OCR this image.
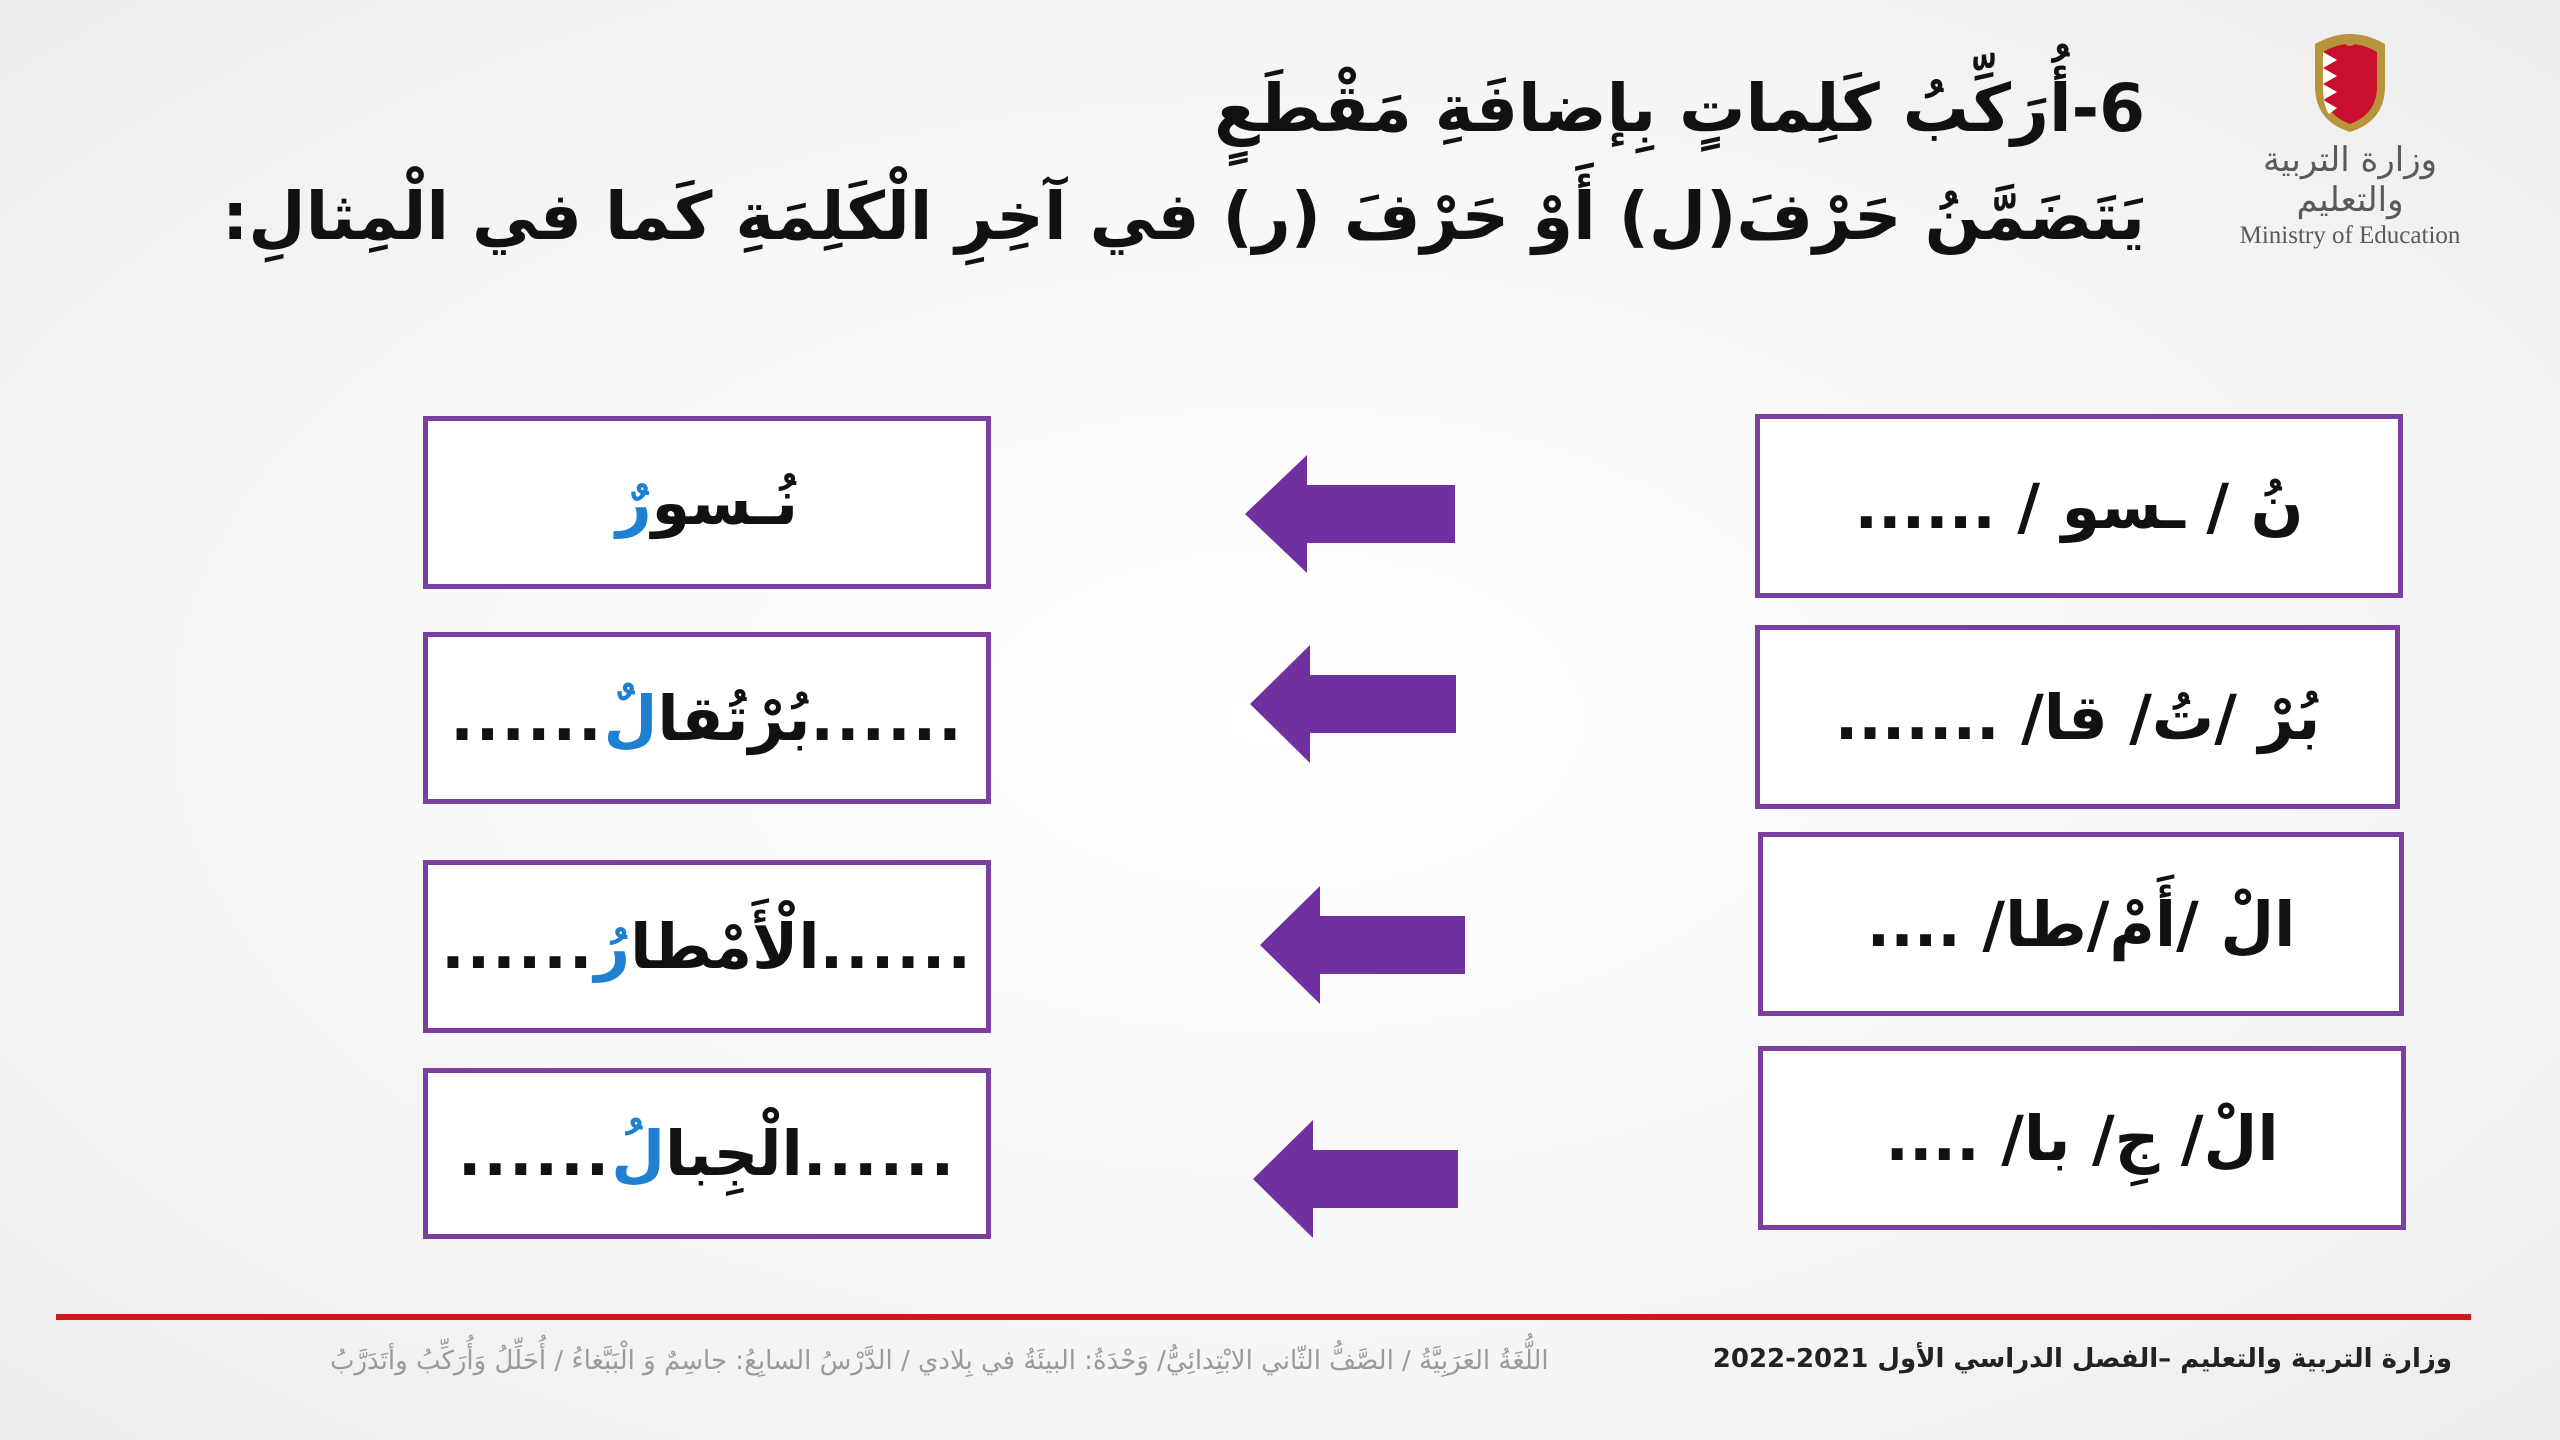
وزارة التربية والتعليم
Ministry of Education
6-أُرَكِّبُ كَلِماتٍ بِإضافَةِ مَقْطَعٍ
يَتَضَمَّنُ حَرْفَ(ل) أَوْ حَرْفَ (ر) في آخِرِ الْكَلِمَةِ كَما في الْمِثالِ:
نُ / ـسو / ......
بُرْ /تُ/ قا/ .......
الْ /أَمْ/طا/ ....
الْ/ جِ/ با/ ....
نُـسو
رٌ
......
بُرْتُقا
لٌ
......
......
الْأَمْطا
رُ
......
......
الْجِبا
لُ
......
وزارة التربية والتعليم –الفصل الدراسي الأول 2021-2022
اللُّغَةُ العَرَبِيَّةُ / الصَّفُّ الثّاني الابْتِدائِيُّ/ وَحْدَةُ: البيئَةُ في بِلادي / الدَّرْسُ السابِعُ: جاسِمٌ وَ الْبَبَّغاءُ / أُحَلِّلُ وَأُرَكِّبُ وأتَدَرَّبُ
